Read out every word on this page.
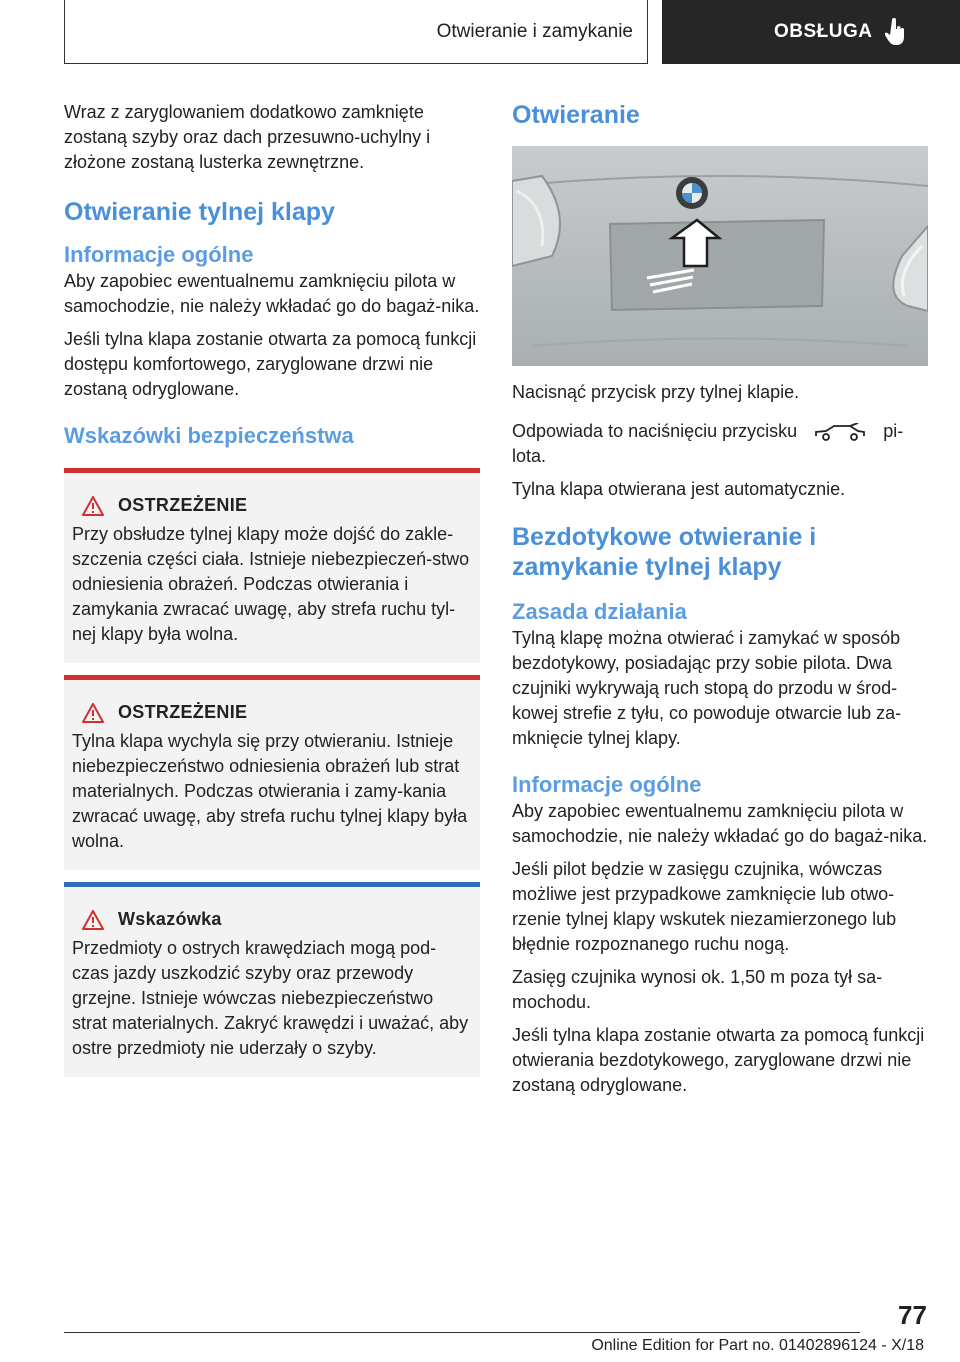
Otwieranie i zamykanie	OBSŁUGA

Wraz z zaryglowaniem dodatkowo zamknięte zostaną szyby oraz dach przesuwno-uchylny i złożone zostaną lusterka zewnętrzne.

Otwieranie tylnej klapy
Informacje ogólne

Aby zapobiec ewentualnemu zamknięciu pilota w samochodzie, nie należy wkładać go do bagaż-nika.

Jeśli tylna klapa zostanie otwarta za pomocą funkcji dostępu komfortowego, zaryglowane drzwi nie zostaną odryglowane.

Wskazówki bezpieczeństwa
OSTRZEŻENIE

Przy obsłudze tylnej klapy może dojść do zakle-szczenia części ciała. Istnieje niebezpieczeń-stwo odniesienia obrażeń. Podczas otwierania i zamykania zwracać uwagę, aby strefa ruchu tyl-nej klapy była wolna.

OSTRZEŻENIE

Tylna klapa wychyla się przy otwieraniu. Istnieje niebezpieczeństwo odniesienia obrażeń lub strat materialnych. Podczas otwierania i zamy-kania zwracać uwagę, aby strefa ruchu tylnej klapy była wolna.

Wskazówka

Przedmioty o ostrych krawędziach mogą pod-czas jazdy uszkodzić szyby oraz przewody grzejne. Istnieje wówczas niebezpieczeństwo strat materialnych. Zakryć krawędzi i uważać, aby ostre przedmioty nie uderzały o szyby.

Otwieranie

Nacisnąć przycisk przy tylnej klapie.

Odpowiada to naciśnięciu przycisku	pi-lota.

Tylna klapa otwierana jest automatycznie.

Bezdotykowe otwieranie i zamykanie tylnej klapy
Zasada działania

Tylną klapę można otwierać i zamykać w sposób bezdotykowy, posiadając przy sobie pilota. Dwa czujniki wykrywają ruch stopą do przodu w środ-kowej strefie z tyłu, co powoduje otwarcie lub za-mknięcie tylnej klapy.

Informacje ogólne

Aby zapobiec ewentualnemu zamknięciu pilota w samochodzie, nie należy wkładać go do bagaż-nika.

Jeśli pilot będzie w zasięgu czujnika, wówczas możliwe jest przypadkowe zamknięcie lub otwo-rzenie tylnej klapy wskutek niezamierzonego lub błędnie rozpoznanego ruchu nogą.

Zasięg czujnika wynosi ok. 1,50 m poza tył sa-mochodu.

Jeśli tylna klapa zostanie otwarta za pomocą funkcji otwierania bezdotykowego, zaryglowane drzwi nie zostaną odryglowane.

77
Online Edition for Part no. 01402896124 - X/18
